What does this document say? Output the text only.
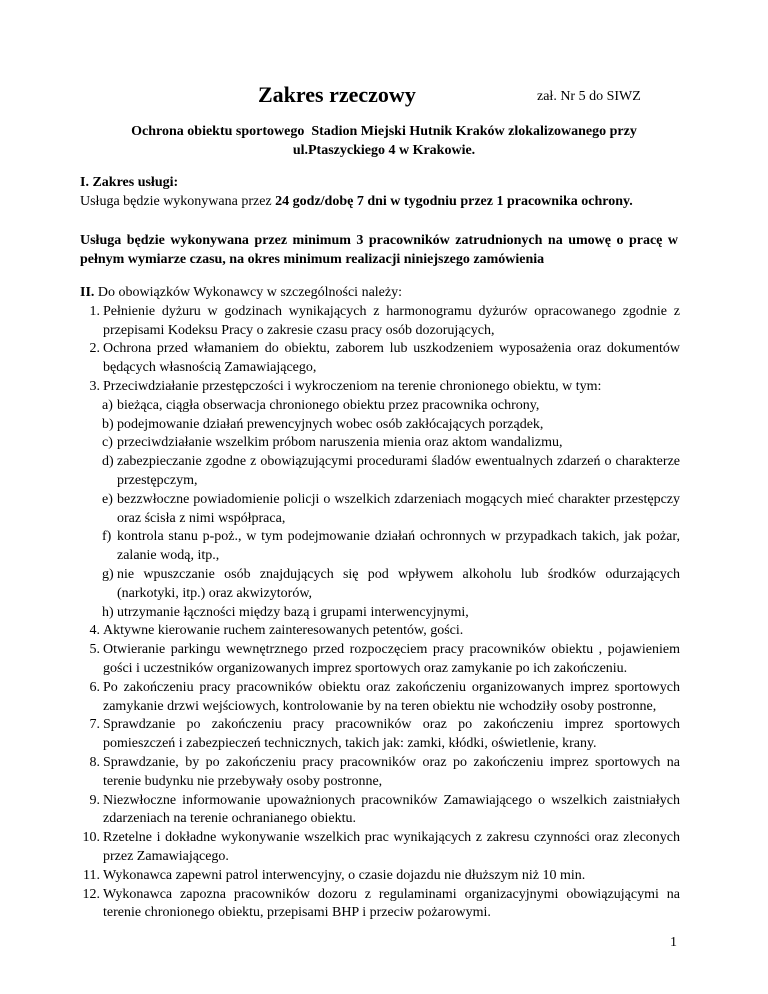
Zakres rzeczowy	zał. Nr 5 do SIWZ
Ochrona obiektu sportowego  Stadion Miejski Hutnik Kraków zlokalizowanego przy
ul.Ptaszyckiego 4 w Krakowie.
I. Zakres usługi:
Usługa będzie wykonywana przez 24 godz/dobę 7 dni w tygodniu przez 1 pracownika ochrony.
Usługa będzie wykonywana przez minimum 3 pracowników zatrudnionych na umowę o pracę w pełnym wymiarze czasu, na okres minimum realizacji niniejszego zamówienia
II. Do obowiązków Wykonawcy w szczególności należy:
1. Pełnienie dyżuru w godzinach wynikających z harmonogramu dyżurów opracowanego zgodnie z przepisami Kodeksu Pracy o zakresie czasu pracy osób dozorujących,
2. Ochrona przed włamaniem do obiektu, zaborem lub uszkodzeniem wyposażenia oraz dokumentów będących własnością Zamawiającego,
3. Przeciwdziałanie przestępczości i wykroczeniom na terenie chronionego obiektu, w tym:
a) bieżąca, ciągła obserwacja chronionego obiektu przez pracownika ochrony,
b) podejmowanie działań prewencyjnych wobec osób zakłócających porządek,
c) przeciwdziałanie wszelkim próbom naruszenia mienia oraz aktom wandalizmu,
d) zabezpieczanie zgodne z obowiązującymi procedurami śladów ewentualnych zdarzeń o charakterze przestępczym,
e) bezzwłoczne powiadomienie policji o wszelkich zdarzeniach mogących mieć charakter przestępczy oraz ścisła z nimi współpraca,
f) kontrola stanu p-poż., w tym podejmowanie działań ochronnych w przypadkach takich, jak pożar, zalanie wodą, itp.,
g) nie wpuszczanie osób znajdujących się pod wpływem alkoholu lub środków odurzających (narkotyki, itp.) oraz akwizytorów,
h) utrzymanie łączności między bazą i grupami interwencyjnymi,
4. Aktywne kierowanie ruchem zainteresowanych petentów, gości.
5. Otwieranie parkingu wewnętrznego przed rozpoczęciem pracy pracowników obiektu , pojawieniem gości i uczestników organizowanych imprez sportowych oraz zamykanie po ich zakończeniu.
6. Po zakończeniu pracy pracowników obiektu oraz zakończeniu organizowanych imprez sportowych zamykanie drzwi wejściowych, kontrolowanie by na teren obiektu nie wchodziły osoby postronne,
7. Sprawdzanie po zakończeniu pracy pracowników oraz po zakończeniu imprez sportowych pomieszczeń i zabezpieczeń technicznych, takich jak: zamki, kłódki, oświetlenie, krany.
8. Sprawdzanie, by po zakończeniu pracy pracowników oraz po zakończeniu imprez sportowych na terenie budynku nie przebywały osoby postronne,
9. Niezwłoczne informowanie upoważnionych pracowników Zamawiającego o wszelkich zaistniałych zdarzeniach na terenie ochranianego obiektu.
10. Rzetelne i dokładne wykonywanie wszelkich prac wynikających z zakresu czynności oraz zleconych przez Zamawiającego.
11. Wykonawca zapewni patrol interwencyjny, o czasie dojazdu nie dłuższym niż 10 min.
12. Wykonawca zapozna pracowników dozoru z regulaminami organizacyjnymi obowiązującymi na terenie chronionego obiektu, przepisami BHP i przeciw pożarowymi.
1
